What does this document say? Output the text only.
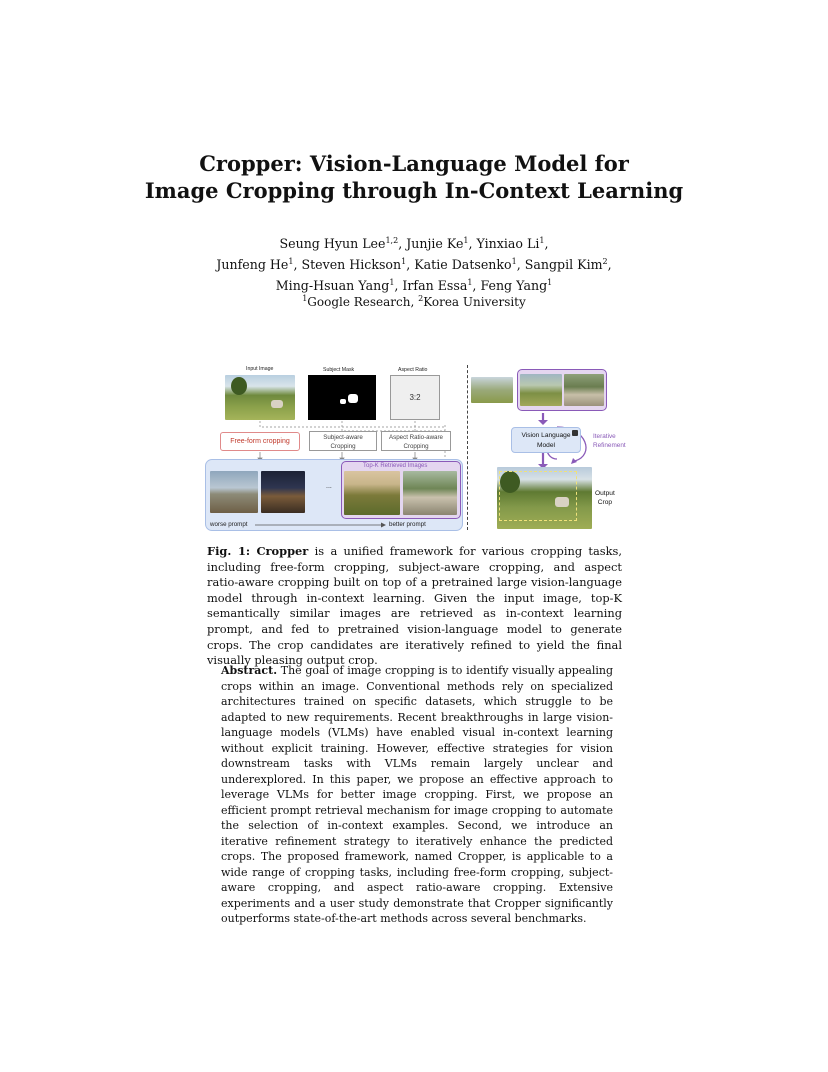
Cropper: Vision-Language Model for
Image Cropping through In-Context Learning
Seung Hyun Lee$^{1,2}$, Junjie Ke$^1$, Yinxiao Li$^1$,
Junfeng He$^1$, Steven Hickson$^1$, Katie Datsenko$^1$, Sangpil Kim$^2$,
Ming-Hsuan Yang$^1$, Irfan Essa$^1$, Feng Yang$^1$
$^1$Google Research, $^2$Korea University
Input Image	Subject Mask	Aspect Ratio
3:2
Free-form cropping
Subject-aware
Cropping
Aspect Ratio-aware
Cropping
Top-K Retrieved Images
...
worse prompt	better prompt
Vision Language
Model
Iterative
Refinement
Output
Crop
Fig. 1: Cropper is a unified framework for various cropping tasks, including free-form cropping, subject-aware cropping, and aspect ratio-aware cropping built on top of a pretrained large vision-language model through in-context learning. Given the input image, top-K semantically similar images are retrieved as in-context learning prompt, and fed to pretrained vision-language model to generate crops. The crop candidates are iteratively refined to yield the final visually pleasing output crop.
Abstract. The goal of image cropping is to identify visually appealing crops within an image. Conventional methods rely on specialized architectures trained on specific datasets, which struggle to be adapted to new requirements. Recent breakthroughs in large vision-language models (VLMs) have enabled visual in-context learning without explicit training. However, effective strategies for vision downstream tasks with VLMs remain largely unclear and underexplored. In this paper, we propose an effective approach to leverage VLMs for better image cropping. First, we propose an efficient prompt retrieval mechanism for image cropping to automate the selection of in-context examples. Second, we introduce an iterative refinement strategy to iteratively enhance the predicted crops. The proposed framework, named Cropper, is applicable to a wide range of cropping tasks, including free-form cropping, subject-aware cropping, and aspect ratio-aware cropping. Extensive experiments and a user study demonstrate that Cropper significantly outperforms state-of-the-art methods across several benchmarks.
